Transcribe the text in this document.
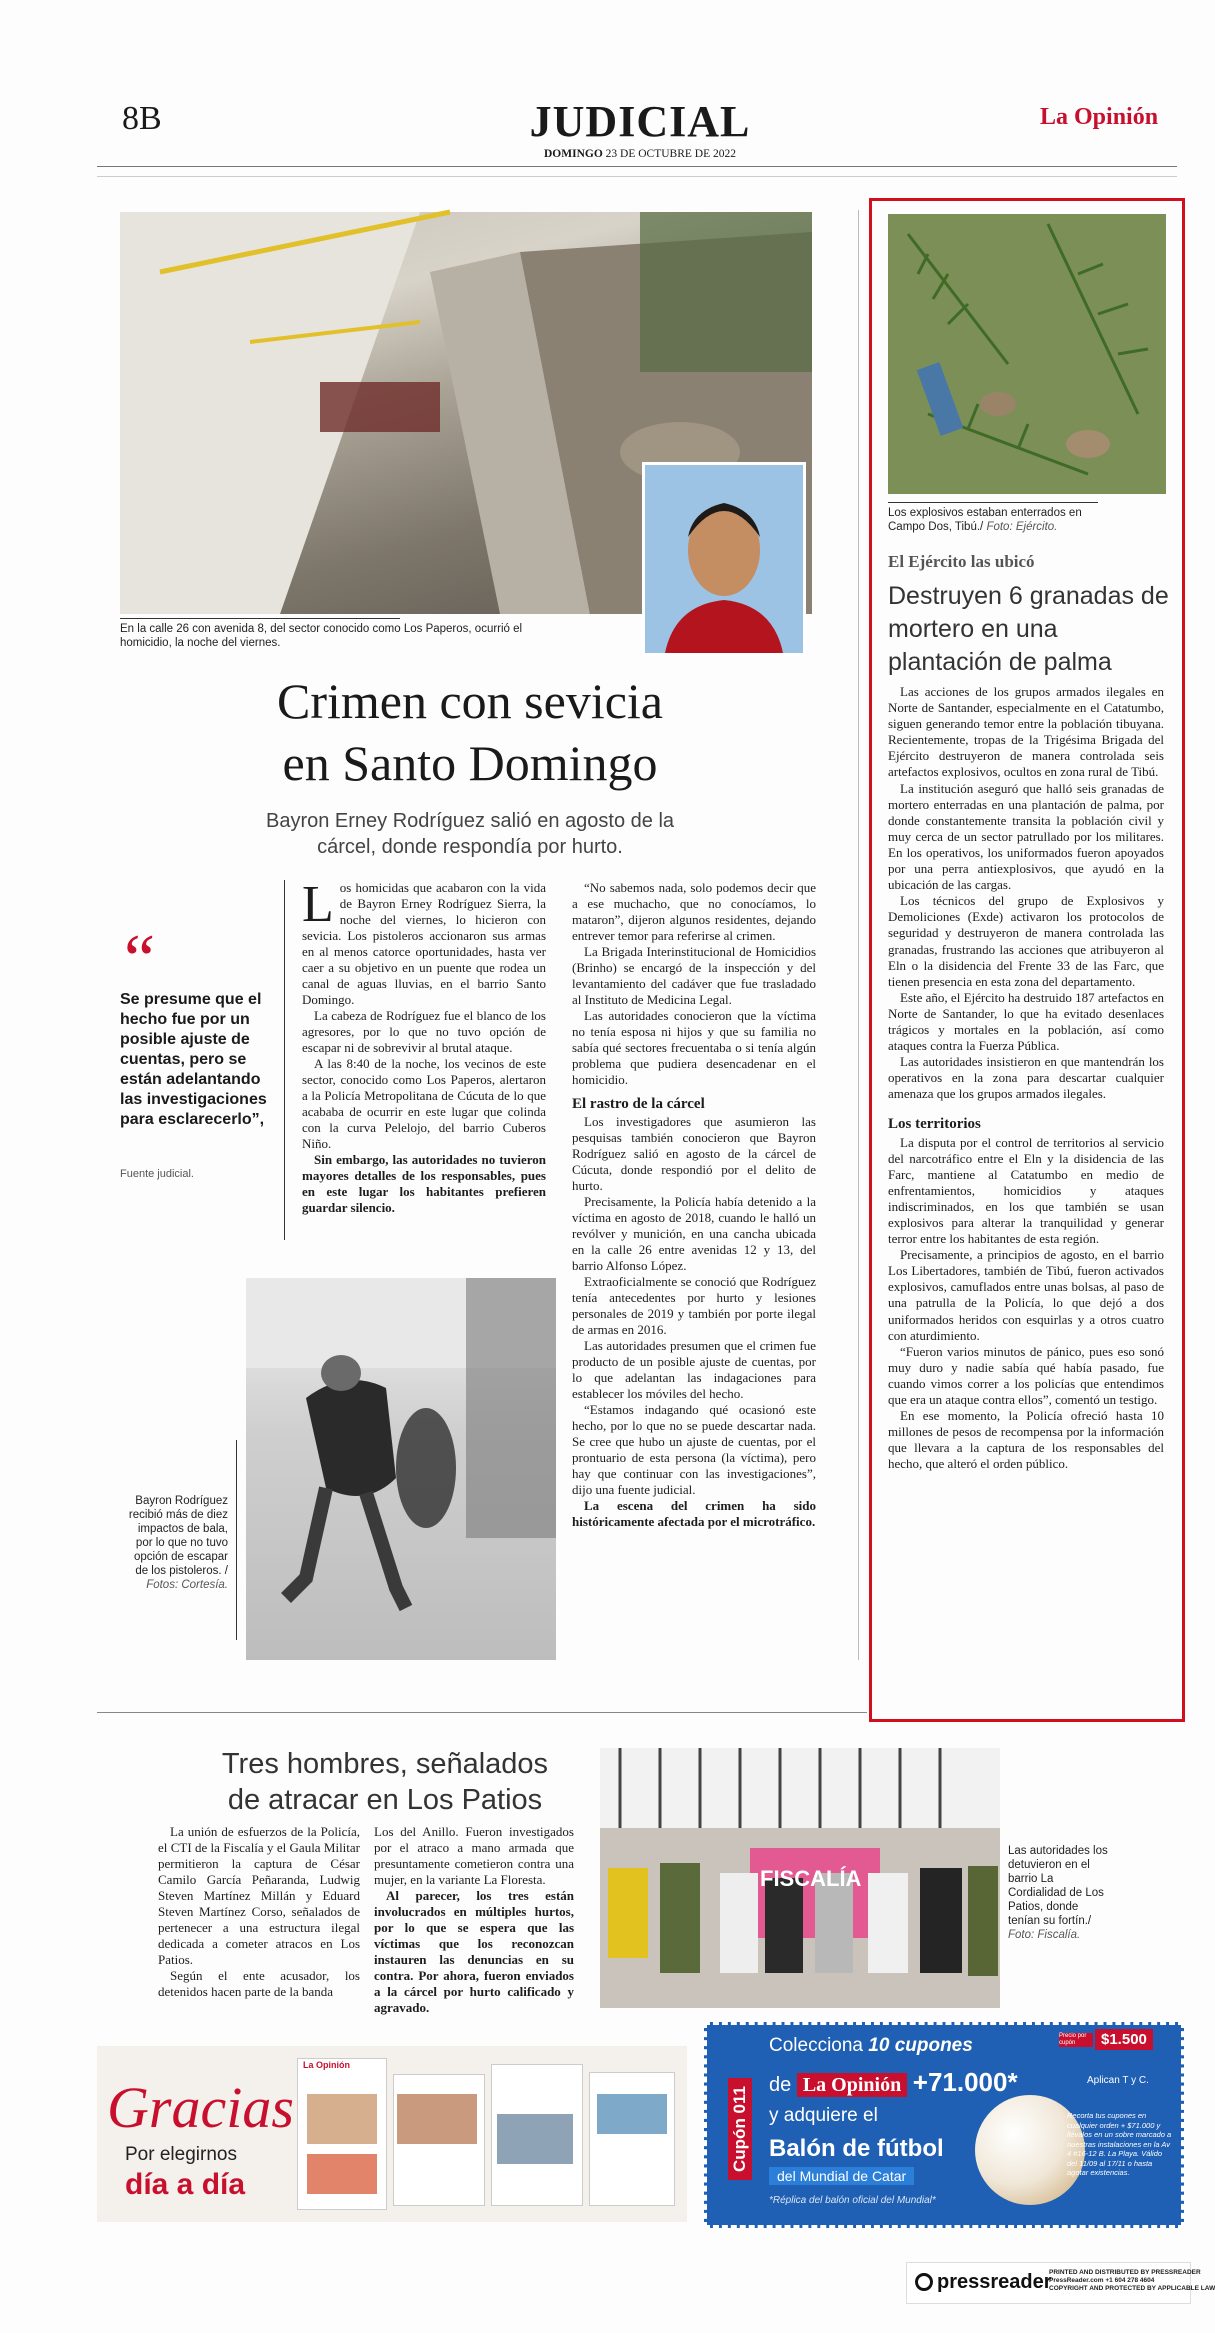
8B	JUDICIAL
DOMINGO 23 DE OCTUBRE DE 2022
La Opinión
En la calle 26 con avenida 8, del sector conocido como Los Paperos, ocurrió el homicidio, la noche del viernes.
Crimen con sevicia
en Santo Domingo
Bayron Erney Rodríguez salió en agosto de la
cárcel, donde respondía por hurto.
“
Se presume que el hecho fue por un posible ajuste de cuentas, pero se están adelantando las investigaciones para esclarecerlo”,
Fuente judicial.
L os homicidas que acabaron con la vida de Bayron Erney Rodríguez Sierra, la noche del viernes, lo hicieron con sevicia. Los pistoleros accionaron sus armas en al menos catorce oportunidades, hasta ver caer a su objetivo en un puente que rodea un canal de aguas lluvias, en el barrio Santo Domingo.

La cabeza de Rodríguez fue el blanco de los agresores, por lo que no tuvo opción de escapar ni de sobrevivir al brutal ataque.

A las 8:40 de la noche, los vecinos de este sector, conocido como Los Paperos, alertaron a la Policía Metropolitana de Cúcuta de lo que acababa de ocurrir en este lugar que colinda con la curva Pelelojo, del barrio Cuberos Niño.

Sin embargo, las autoridades no tuvieron mayores detalles de los responsables, pues en este lugar los habitantes prefieren guardar silencio.

“No sabemos nada, solo podemos decir que a ese muchacho, que no conocíamos, lo mataron”, dijeron algunos residentes, dejando entrever temor para referirse al crimen.

La Brigada Interinstitucional de Homicidios (Brinho) se encargó de la inspección y del levantamiento del cadáver que fue trasladado al Instituto de Medicina Legal.

Las autoridades conocieron que la víctima no tenía esposa ni hijos y que su familia no sabía qué sectores frecuentaba o si tenía algún problema que pudiera desencadenar en el homicidio.

El rastro de la cárcel

Los investigadores que asumieron las pesquisas también conocieron que Bayron Rodríguez salió en agosto de la cárcel de Cúcuta, donde respondió por el delito de hurto.

Precisamente, la Policía había detenido a la víctima en agosto de 2018, cuando le halló un revólver y munición, en una cancha ubicada en la calle 26 entre avenidas 12 y 13, del barrio Alfonso López.

Extraoficialmente se conoció que Rodríguez tenía antecedentes por hurto y lesiones personales de 2019 y también por porte ilegal de armas en 2016.

Las autoridades presumen que el crimen fue producto de un posible ajuste de cuentas, por lo que adelantan las indagaciones para establecer los móviles del hecho.

“Estamos indagando qué ocasionó este hecho, por lo que no se puede descartar nada. Se cree que hubo un ajuste de cuentas, por el prontuario de esta persona (la víctima), pero hay que continuar con las investigaciones”, dijo una fuente judicial.

La escena del crimen ha sido históricamente afectada por el microtráfico.

Bayron Rodríguez recibió más de diez impactos de bala, por lo que no tuvo opción de escapar de los pistoleros. / Fotos: Cortesía.
Los explosivos estaban enterrados en Campo Dos, Tibú./ Foto: Ejército.
El Ejército las ubicó
Destruyen 6 granadas de mortero en una plantación de palma

Las acciones de los grupos armados ilegales en Norte de Santander, especialmente en el Catatumbo, siguen generando temor entre la población tibuyana. Recientemente, tropas de la Trigésima Brigada del Ejército destruyeron de manera controlada seis artefactos explosivos, ocultos en zona rural de Tibú.

La institución aseguró que halló seis granadas de mortero enterradas en una plantación de palma, por donde constantemente transita la población civil y muy cerca de un sector patrullado por los militares. En los operativos, los uniformados fueron apoyados por una perra antiexplosivos, que ayudó en la ubicación de las cargas.

Los técnicos del grupo de Explosivos y Demoliciones (Exde) activaron los protocolos de seguridad y destruyeron de manera controlada las granadas, frustrando las acciones que atribuyeron al Eln o la disidencia del Frente 33 de las Farc, que tienen presencia en esta zona del departamento.

Este año, el Ejército ha destruido 187 artefactos en Norte de Santander, lo que ha evitado desenlaces trágicos y mortales en la población, así como ataques contra la Fuerza Pública.

Las autoridades insistieron en que mantendrán los operativos en la zona para descartar cualquier amenaza que los grupos armados ilegales.

Los territorios

La disputa por el control de territorios al servicio del narcotráfico entre el Eln y la disidencia de las Farc, mantiene al Catatumbo en medio de enfrentamientos, homicidios y ataques indiscriminados, en los que también se usan explosivos para alterar la tranquilidad y generar terror entre los habitantes de esta región.

Precisamente, a principios de agosto, en el barrio Los Libertadores, también de Tibú, fueron activados explosivos, camuflados entre unas bolsas, al paso de una patrulla de la Policía, lo que dejó a dos uniformados heridos con esquirlas y a otros cuatro con aturdimiento.

“Fueron varios minutos de pánico, pues eso sonó muy duro y nadie sabía qué había pasado, fue cuando vimos correr a los policías que entendimos que era un ataque contra ellos”, comentó un testigo.

En ese momento, la Policía ofreció hasta 10 millones de pesos de recompensa por la información que llevara a la captura de los responsables del hecho, que alteró el orden público.

Tres hombres, señalados
de atracar en Los Patios

La unión de esfuerzos de la Policía, el CTI de la Fiscalía y el Gaula Militar permitieron la captura de César Camilo García Peñaranda, Ludwig Steven Martínez Millán y Eduard Steven Martínez Corso, señalados de pertenecer a una estructura ilegal dedicada a cometer atracos en Los Patios.

Según el ente acusador, los detenidos hacen parte de la banda

Los del Anillo. Fueron investigados por el atraco a mano armada que presuntamente cometieron contra una mujer, en la variante La Floresta.

Al parecer, los tres están involucrados en múltiples hurtos, por lo que se espera que las víctimas que los reconozcan instauren las denuncias en su contra. Por ahora, fueron enviados a la cárcel por hurto calificado y agravado.

FISCALÍA
Las autoridades los detuvieron en el barrio La Cordialidad de Los Patios, donde tenían su fortín./ Foto: Fiscalía.
Gracias
Por elegirnos
día a día
La Opinión
Cupón 011
Colecciona 10 cupones
de La Opinión +71.000*
y adquiere el
Balón de fútbol
del Mundial de Catar
*Réplica del balón oficial del Mundial*
$1.500
Precio por cupón
Aplican T y C.
Recorta tus cupones en cualquier orden + $71.000 y llévalos en un sobre marcado a nuestras instalaciones en la Av 4 #16-12 B. La Playa. Válido del 11/09 al 17/11 o hasta agotar existencias.
pressreader
PRINTED AND DISTRIBUTED BY PRESSREADER
PressReader.com +1 604 278 4604
COPYRIGHT AND PROTECTED BY APPLICABLE LAW
